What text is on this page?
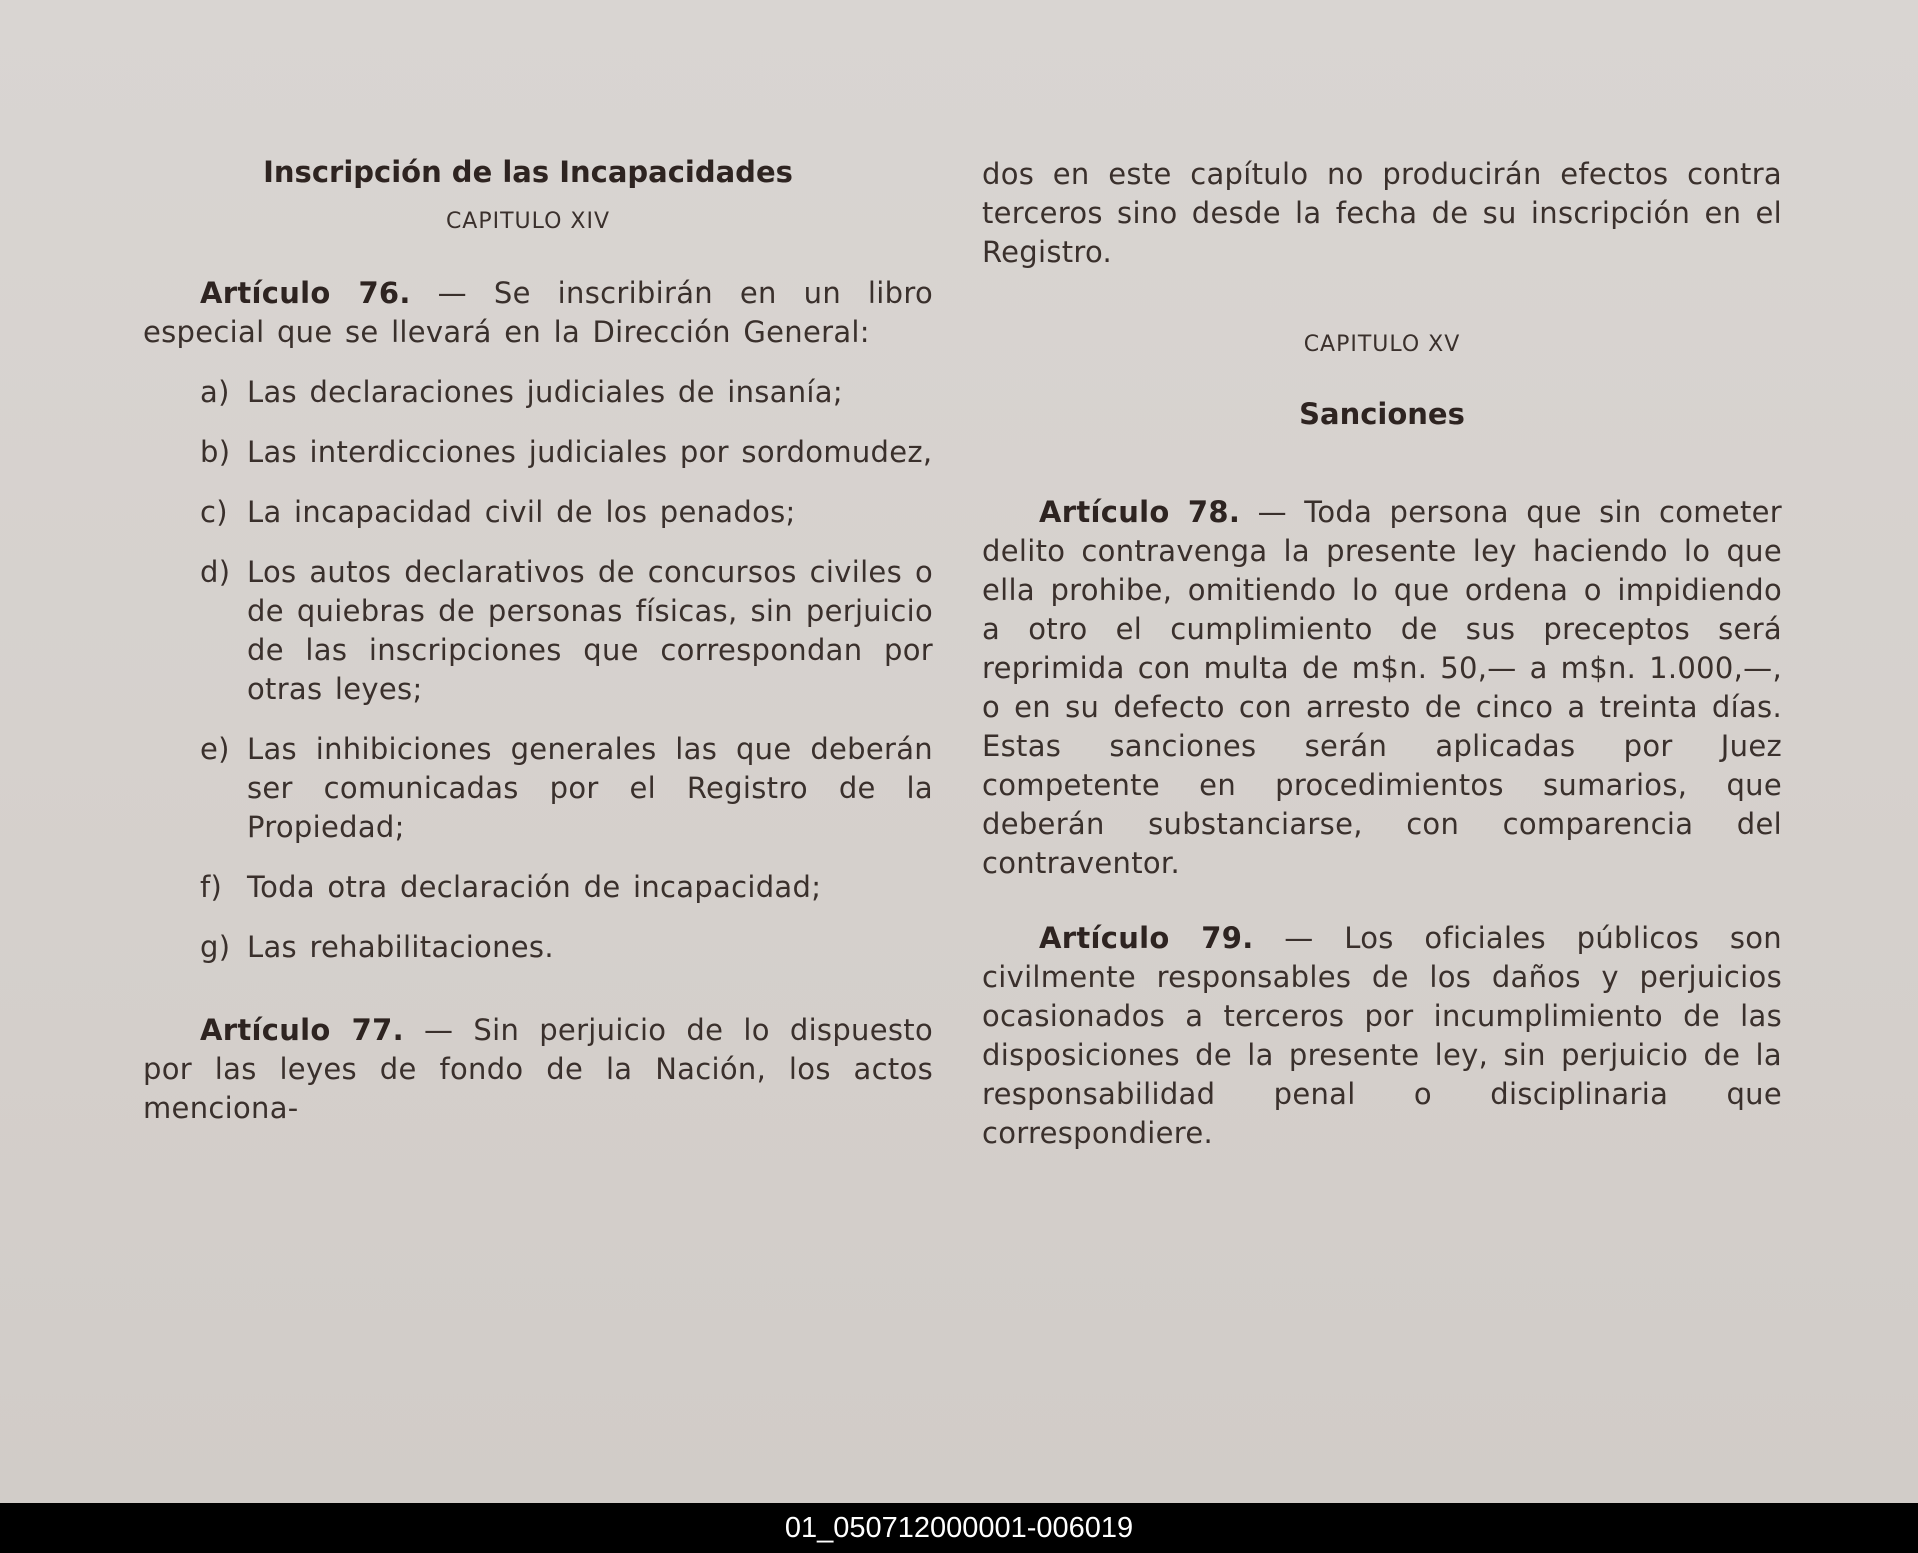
Inscripción de las Incapacidades

CAPITULO XIV

Artículo 76. — Se inscribirán en un libro especial que se llevará en la Dirección General:

a) Las declaraciones judiciales de insanía;
b) Las interdicciones judiciales por sordomudez,
c) La incapacidad civil de los penados;
d) Los autos declarativos de concursos civiles o de quiebras de personas físicas, sin perjuicio de las inscripciones que correspondan por otras leyes;
e) Las inhibiciones generales las que deberán ser comunicadas por el Registro de la Propiedad;
f) Toda otra declaración de incapacidad;
g) Las rehabilitaciones.

Artículo 77. — Sin perjuicio de lo dispuesto por las leyes de fondo de la Nación, los actos menciona-

dos en este capítulo no producirán efectos contra terceros sino desde la fecha de su inscripción en el Registro.

CAPITULO XV

Sanciones

Artículo 78. — Toda persona que sin cometer delito contravenga la presente ley haciendo lo que ella prohibe, omitiendo lo que ordena o impidiendo a otro el cumplimiento de sus preceptos será reprimida con multa de m$n. 50,— a m$n. 1.000,—, o en su defecto con arresto de cinco a treinta días. Estas sanciones serán aplicadas por Juez competente en procedimientos sumarios, que deberán substanciarse, con comparencia del contraventor.

Artículo 79. — Los oficiales públicos son civilmente responsables de los daños y perjuicios ocasionados a terceros por incumplimiento de las disposiciones de la presente ley, sin perjuicio de la responsabilidad penal o disciplinaria que correspondiere.

01_050712000001-006019
